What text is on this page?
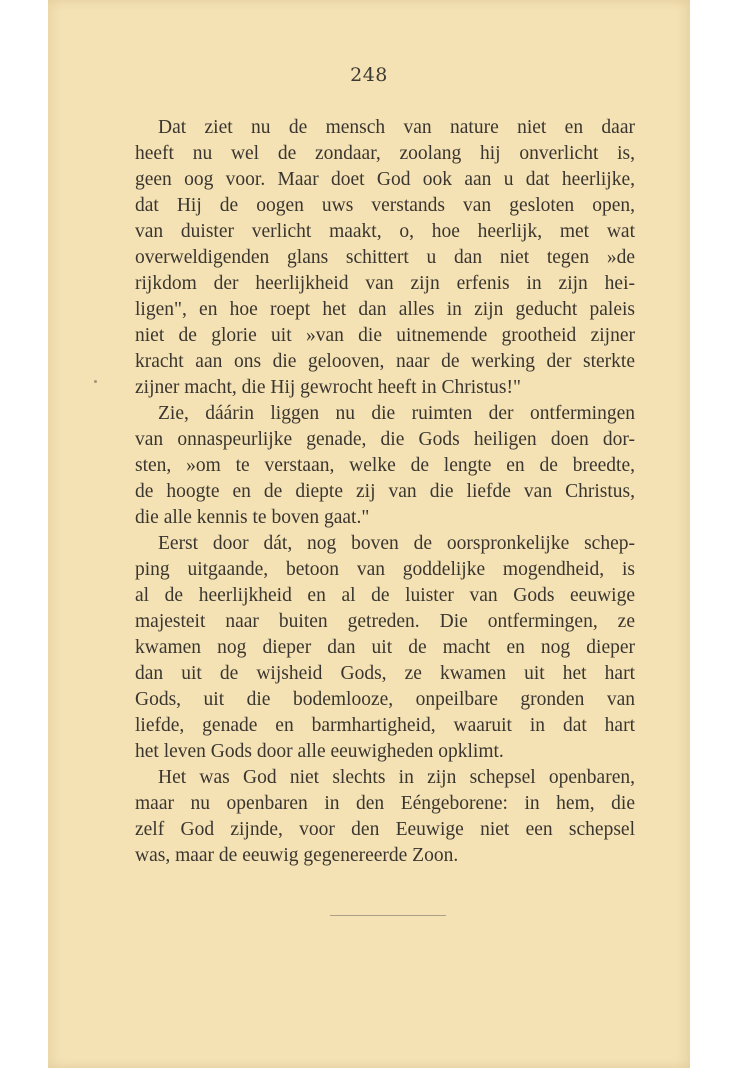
248
Dat ziet nu de mensch van nature niet en daar
heeft nu wel de zondaar, zoolang hij onverlicht is,
geen oog voor. Maar doet God ook aan u dat heerlijke,
dat Hij de oogen uws verstands van gesloten open,
van duister verlicht maakt, o, hoe heerlijk, met wat
overweldigenden glans schittert u dan niet tegen »de
rijkdom der heerlijkheid van zijn erfenis in zijn hei-
ligen", en hoe roept het dan alles in zijn geducht paleis
niet de glorie uit »van die uitnemende grootheid zijner
kracht aan ons die gelooven, naar de werking der sterkte
zijner macht, die Hij gewrocht heeft in Christus!"
Zie, dáárin liggen nu die ruimten der ontfermingen
van onnaspeurlijke genade, die Gods heiligen doen dor-
sten, »om te verstaan, welke de lengte en de breedte,
de hoogte en de diepte zij van die liefde van Christus,
die alle kennis te boven gaat."
Eerst door dát, nog boven de oorspronkelijke schep-
ping uitgaande, betoon van goddelijke mogendheid, is
al de heerlijkheid en al de luister van Gods eeuwige
majesteit naar buiten getreden. Die ontfermingen, ze
kwamen nog dieper dan uit de macht en nog dieper
dan uit de wijsheid Gods, ze kwamen uit het hart
Gods, uit die bodemlooze, onpeilbare gronden van
liefde, genade en barmhartigheid, waaruit in dat hart
het leven Gods door alle eeuwigheden opklimt.
Het was God niet slechts in zijn schepsel openbaren,
maar nu openbaren in den Eéngeborene: in hem, die
zelf God zijnde, voor den Eeuwige niet een schepsel
was, maar de eeuwig gegenereerde Zoon.
